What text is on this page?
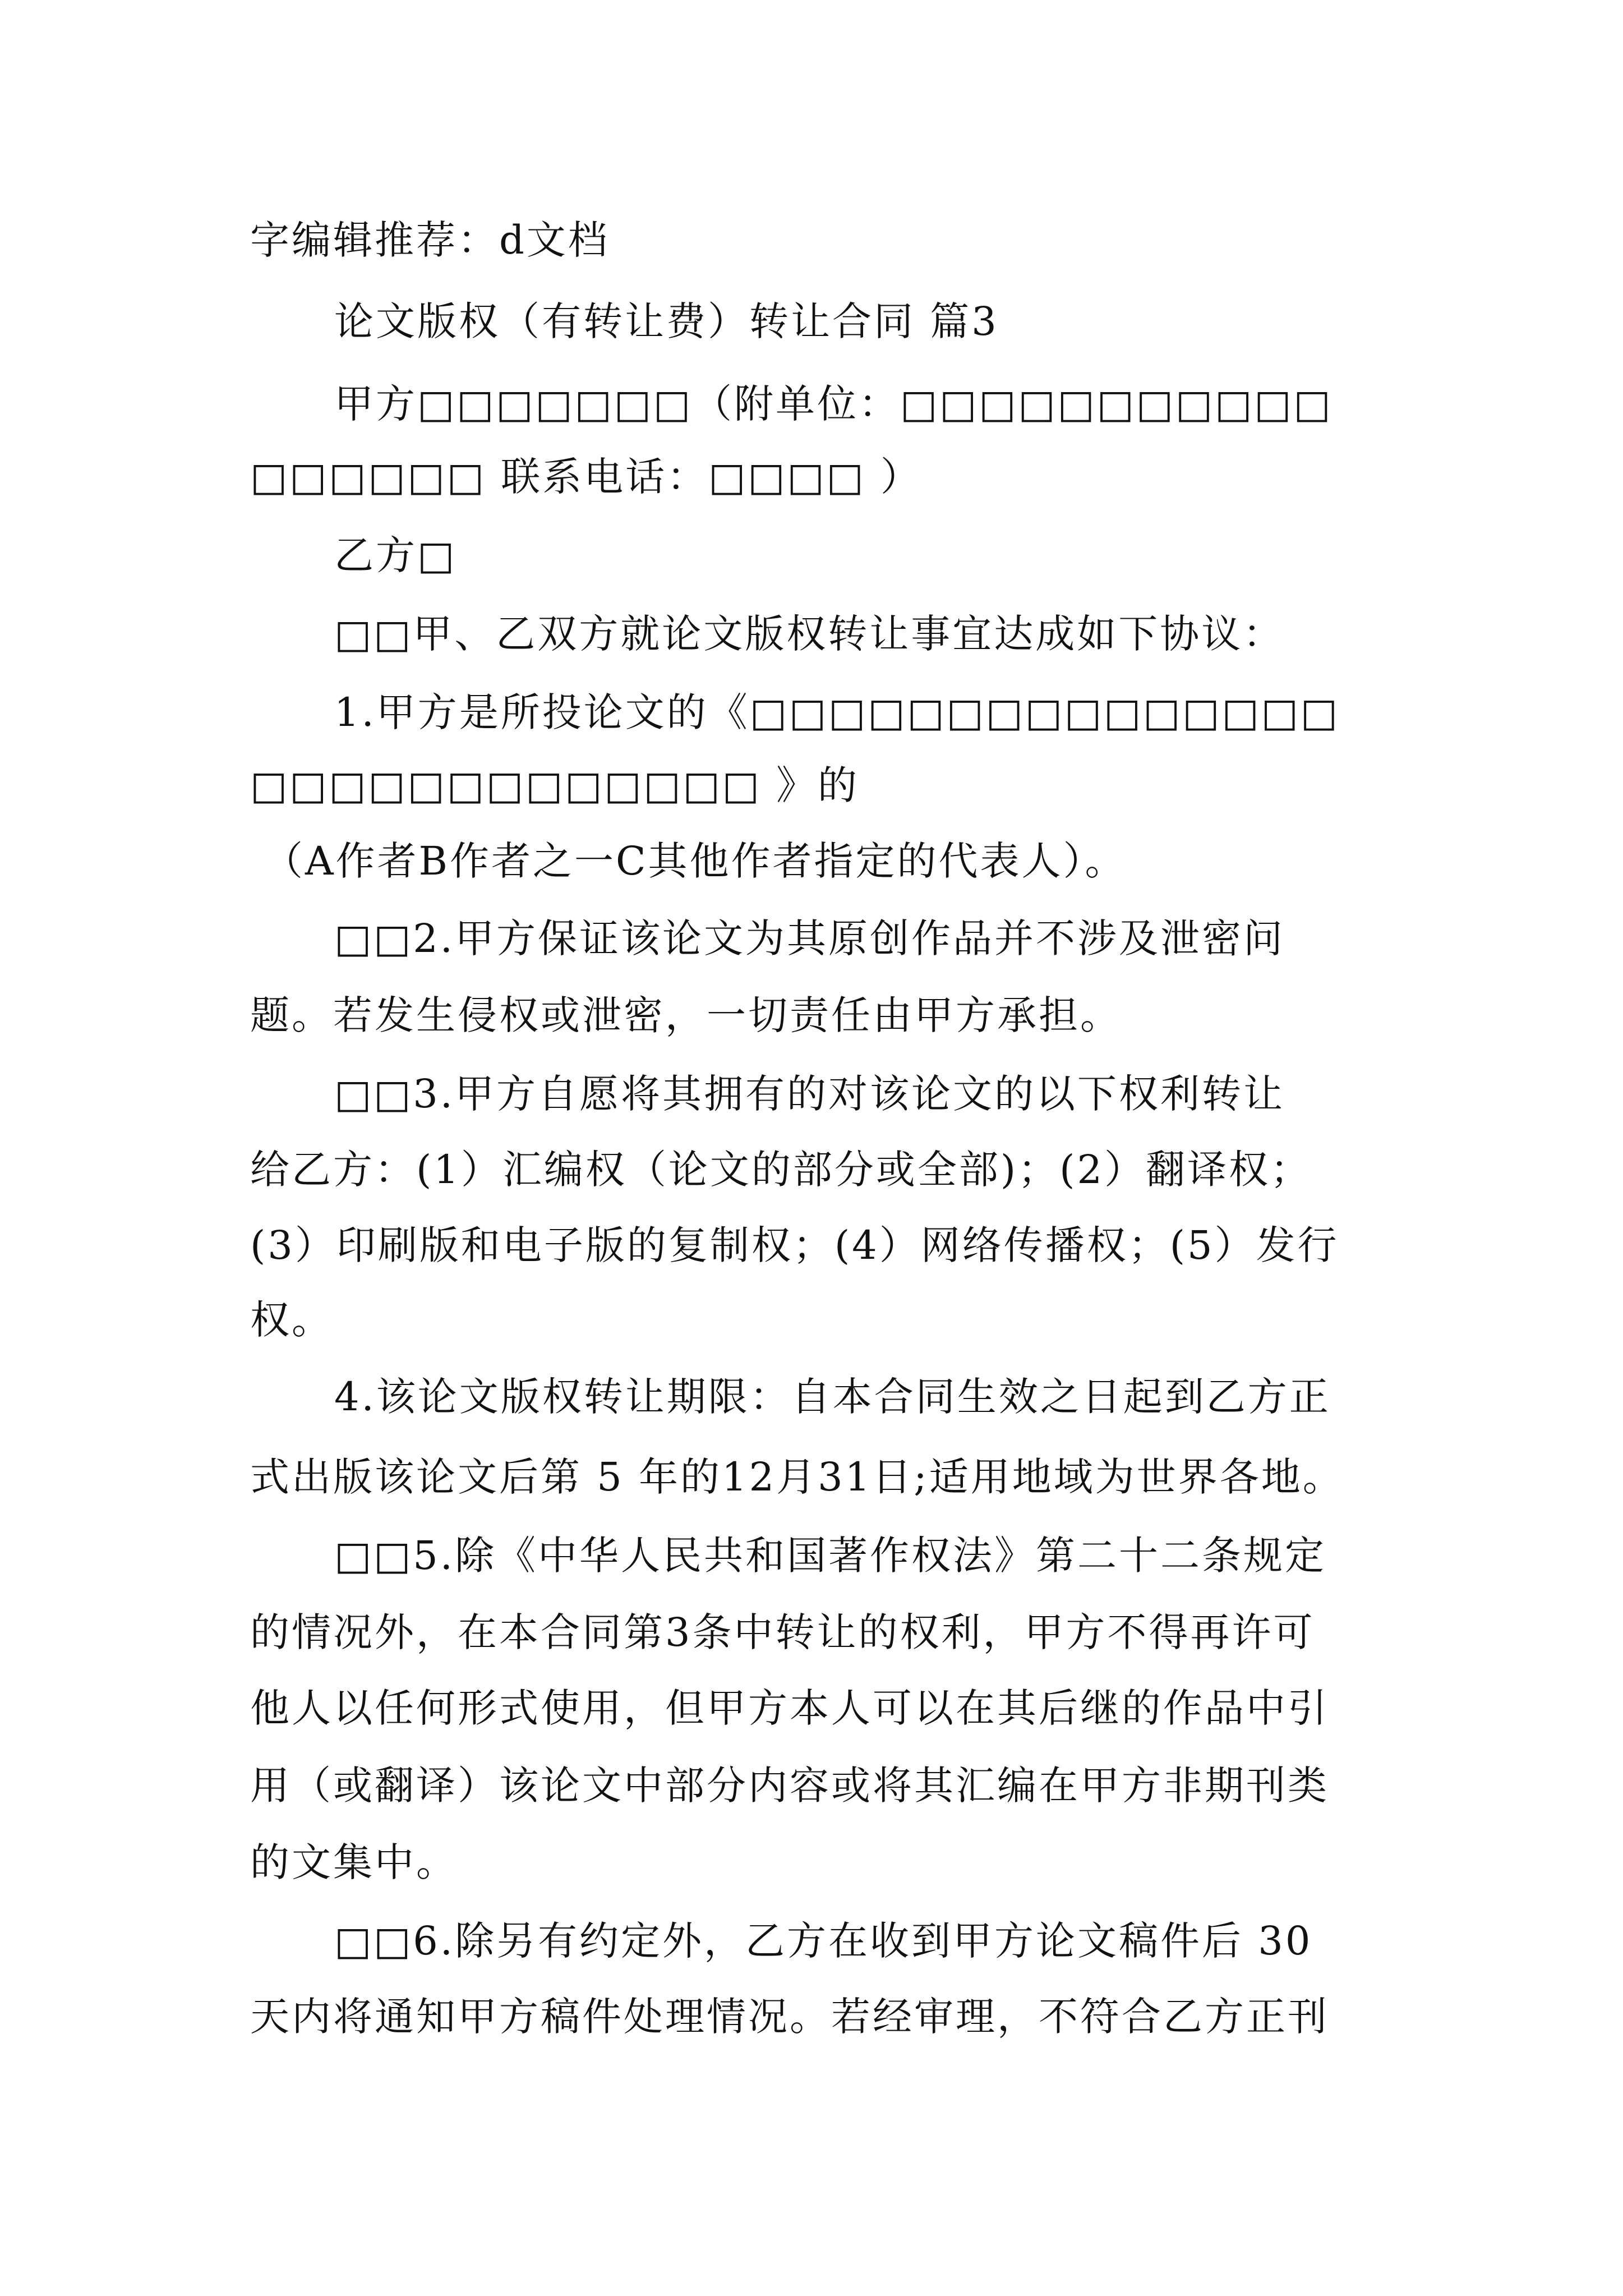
字编辑推荐：d文档
论文版权（有转让费）转让合同 篇3
甲方□□□□□□□（附单位：□□□□□□□□□□□
□□□□□□ 联系电话：□□□□ ）
乙方□
□□甲、乙双方就论文版权转让事宜达成如下协议：
1.甲方是所投论文的《□□□□□□□□□□□□□□□
□□□□□□□□□□□□□ 》的
（A作者B作者之一C其他作者指定的代表人）。
□□2.甲方保证该论文为其原创作品并不涉及泄密问
题。若发生侵权或泄密，一切责任由甲方承担。
□□3.甲方自愿将其拥有的对该论文的以下权利转让
给乙方：(1）汇编权（论文的部分或全部)；(2）翻译权；
(3）印刷版和电子版的复制权；(4）网络传播权；(5）发行
权。
4.该论文版权转让期限：自本合同生效之日起到乙方正
式出版该论文后第 5 年的12月31日;适用地域为世界各地。
□□5.除《中华人民共和国著作权法》第二十二条规定
的情况外，在本合同第3条中转让的权利，甲方不得再许可
他人以任何形式使用，但甲方本人可以在其后继的作品中引
用（或翻译）该论文中部分内容或将其汇编在甲方非期刊类
的文集中。
□□6.除另有约定外，乙方在收到甲方论文稿件后 30
天内将通知甲方稿件处理情况。若经审理，不符合乙方正刊
